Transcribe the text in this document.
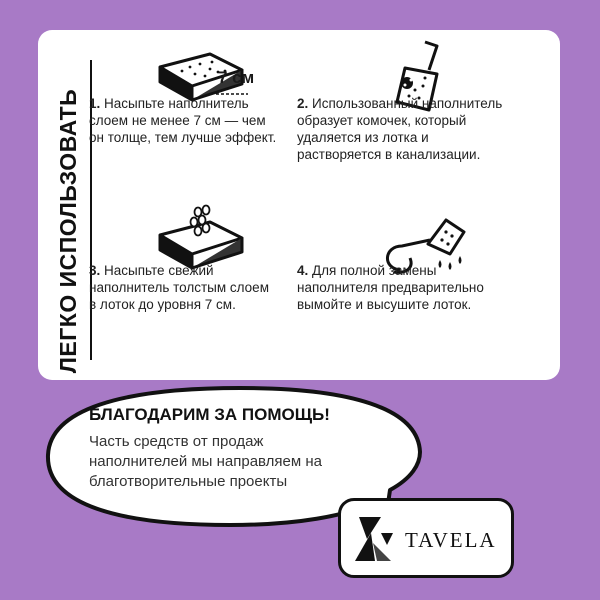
ЛЕГКО ИСПОЛЬЗОВАТЬ
7 см
1. Насыпьте наполнитель слоем не менее 7 см — чем он толще, тем лучше эффект.
2. Использованный наполнитель образует комочек, который удаляется из лотка и растворяется в канализации.
3. Насыпьте свежий наполнитель толстым слоем в лоток до уровня 7 см.
4. Для полной замены наполнителя предварительно вымойте и высушите лоток.
БЛАГОДАРИМ ЗА ПОМОЩЬ!
Часть средств от продаж наполнителей мы направляем на благотворительные проекты
TAVELA
